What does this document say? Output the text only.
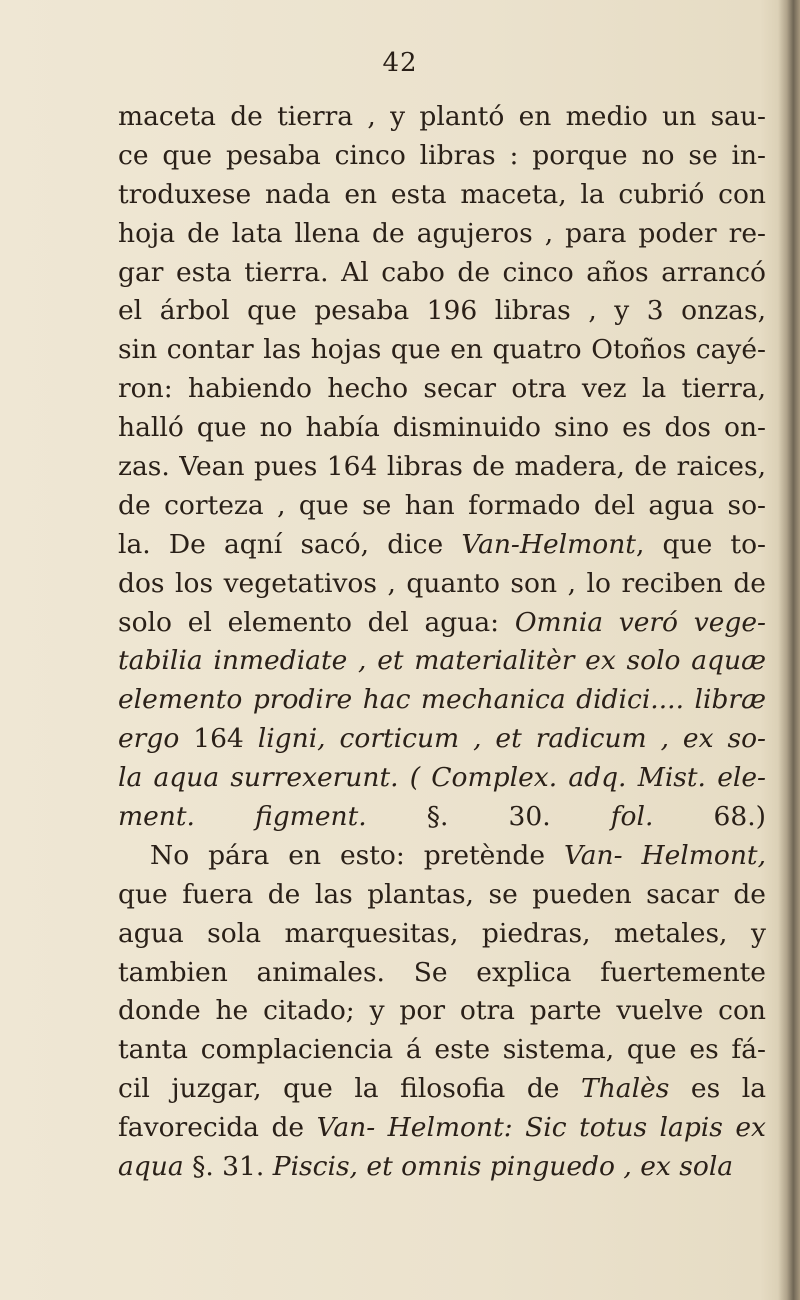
42
maceta de tierra , y plantó en medio un sau-
ce que pesaba cinco libras : porque no se in-
troduxese nada en esta maceta, la cubrió con
hoja de lata llena de agujeros , para poder re-
gar esta tierra. Al cabo de cinco años arrancó
el árbol que pesaba 196 libras , y 3 onzas,
sin contar las hojas que en quatro Otoños cayé-
ron: habiendo hecho secar otra vez la tierra,
halló que no había disminuido sino es dos on-
zas. Vean pues 164 libras de madera, de raices,
de corteza , que se han formado del agua so-
la. De aqní sacó, dice Van-Helmont, que to-
dos los vegetativos , quanto son , lo reciben de
solo el elemento del agua: Omnia veró vege-
tabilia inmediate , et materialitèr ex solo aquæ
elemento prodire hac mechanica didici.... libræ
ergo 164 ligni, corticum , et radicum , ex so-
la aqua surrexerunt. ( Complex. adq. Mist. ele-
ment. figment. §. 30. fol. 68.)
No pára en esto: pretènde Van- Helmont,
que fuera de las plantas, se pueden sacar de
agua sola marquesitas, piedras, metales, y
tambien animales. Se explica fuertemente
donde he citado; y por otra parte vuelve con
tanta complaciencia á este sistema, que es fá-
cil juzgar, que la filosofia de Thalès es la
favorecida de Van- Helmont: Sic totus lapis ex
aqua §. 31. Piscis, et omnis pinguedo , ex sola
